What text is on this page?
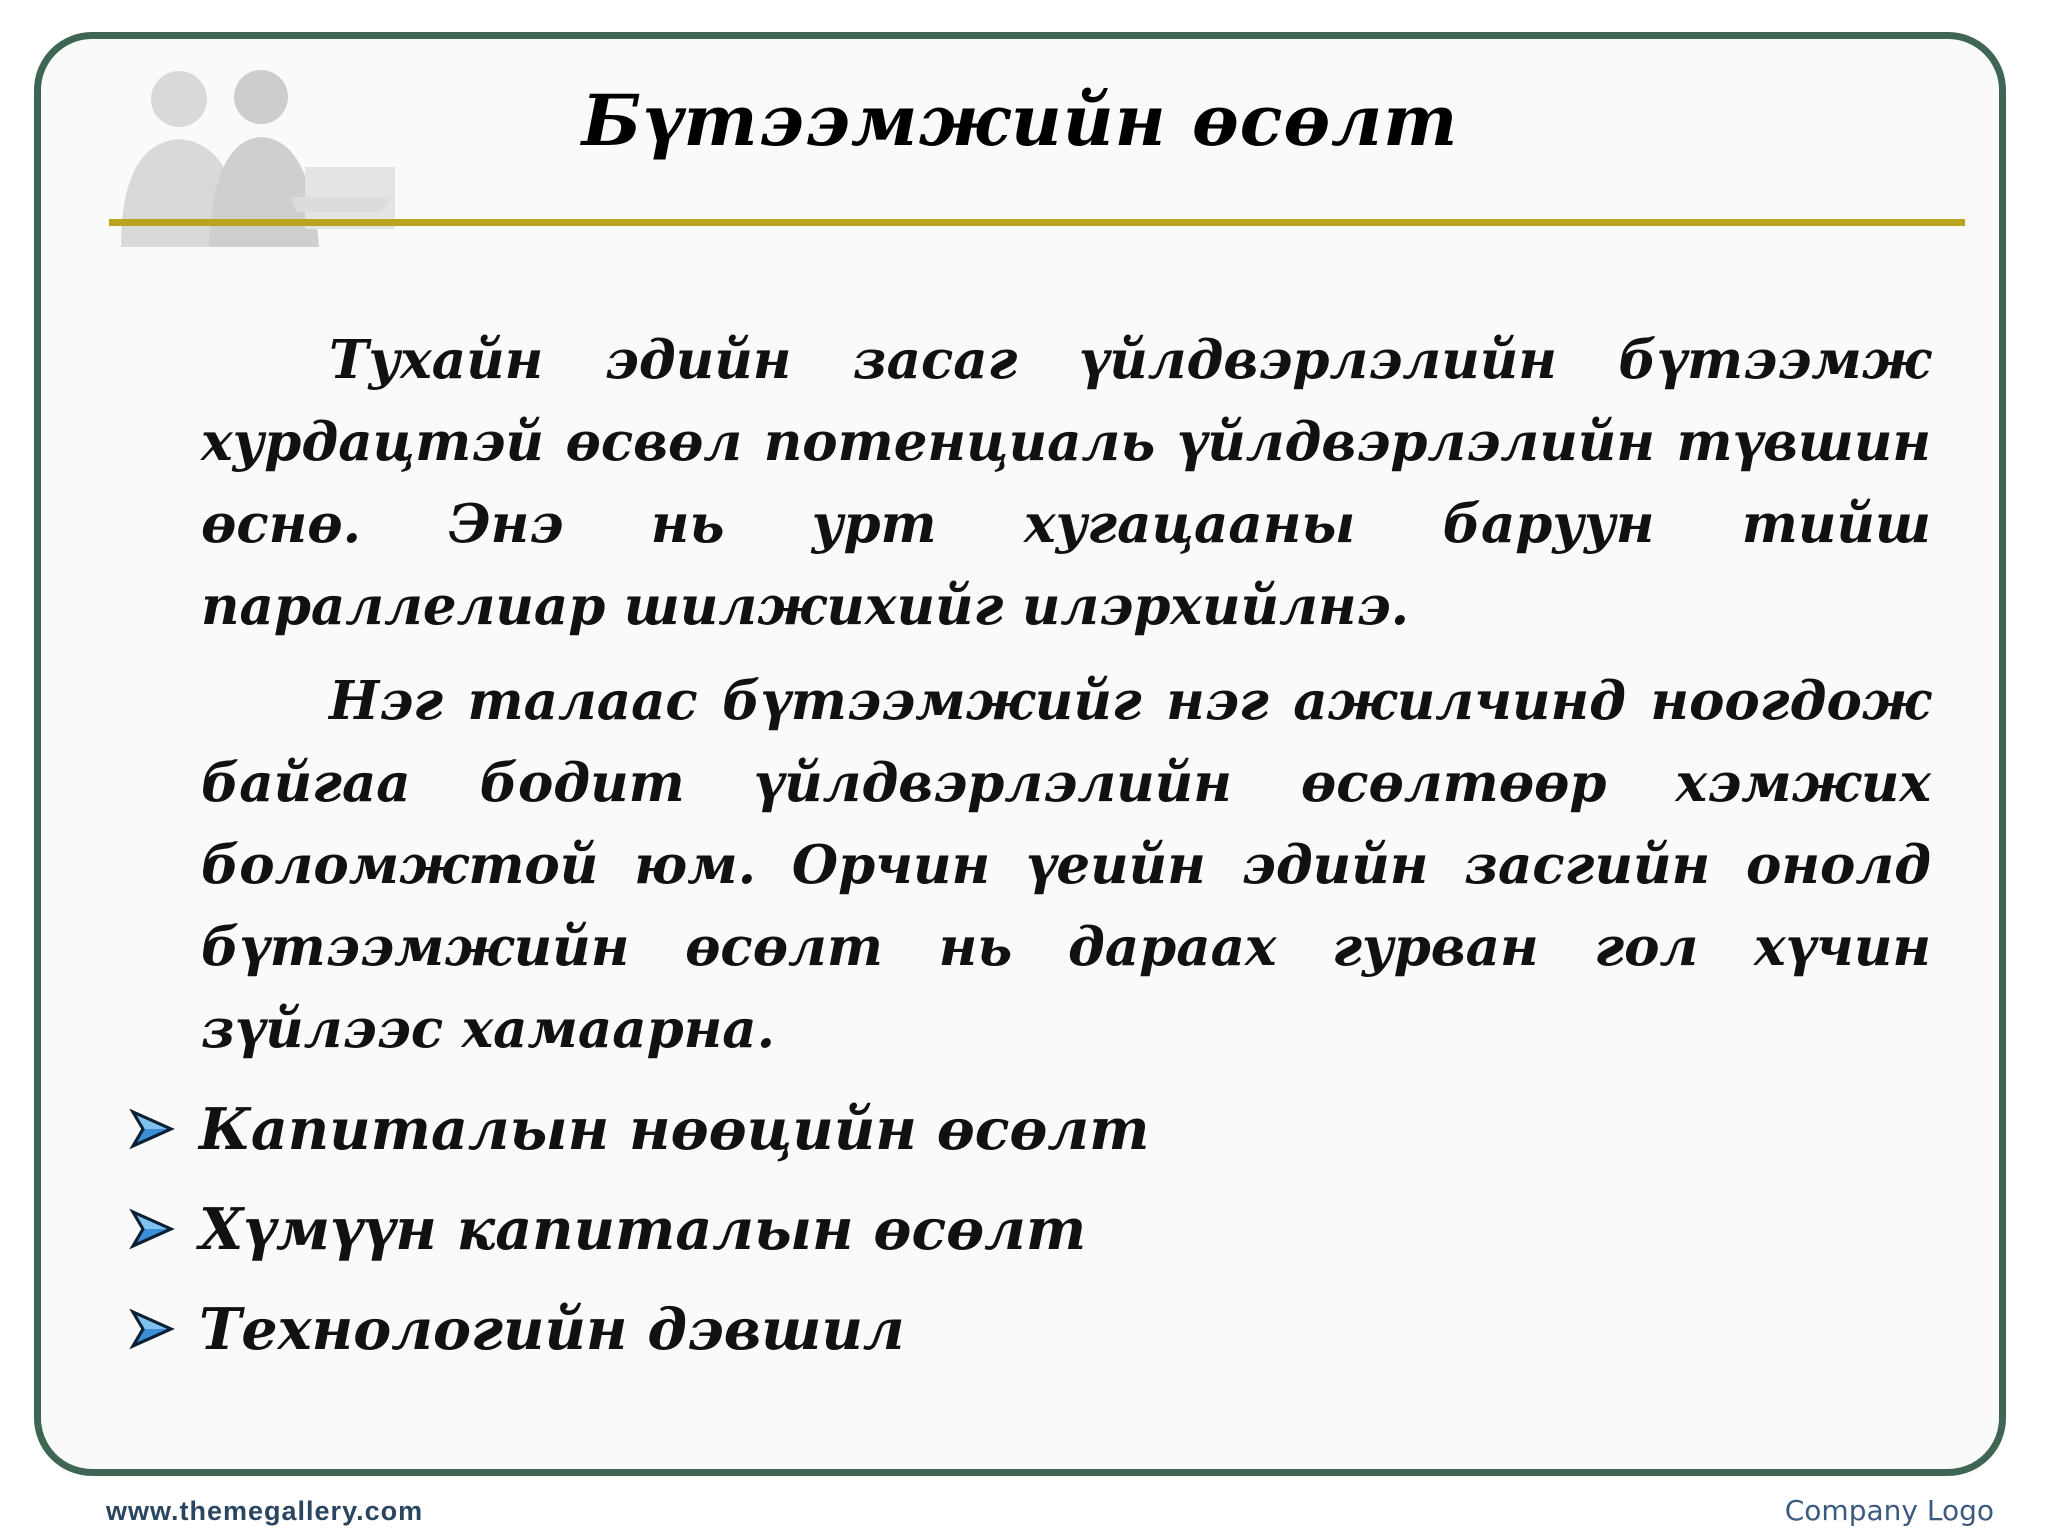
Бүтээмжийн өсөлт

Тухайн эдийн засаг үйлдвэрлэлийн бүтээмж хурдацтэй өсвөл потенциаль үйлдвэрлэлийн түвшин өснө. Энэ нь урт хугацааны баруун тийш параллелиар шилжихийг илэрхийлнэ.

Нэг талаас бүтээмжийг нэг ажилчинд ноогдож байгаа бодит үйлдвэрлэлийн өсөлтөөр хэмжих боломжтой юм. Орчин үеийн эдийн засгийн онолд бүтээмжийн өсөлт нь дараах гурван гол хүчин зүйлээс хамаарна.

Капиталын нөөцийн өсөлт
Хүмүүн капиталын өсөлт
Технологийн дэвшил
www.themegallery.com	Company Logo
